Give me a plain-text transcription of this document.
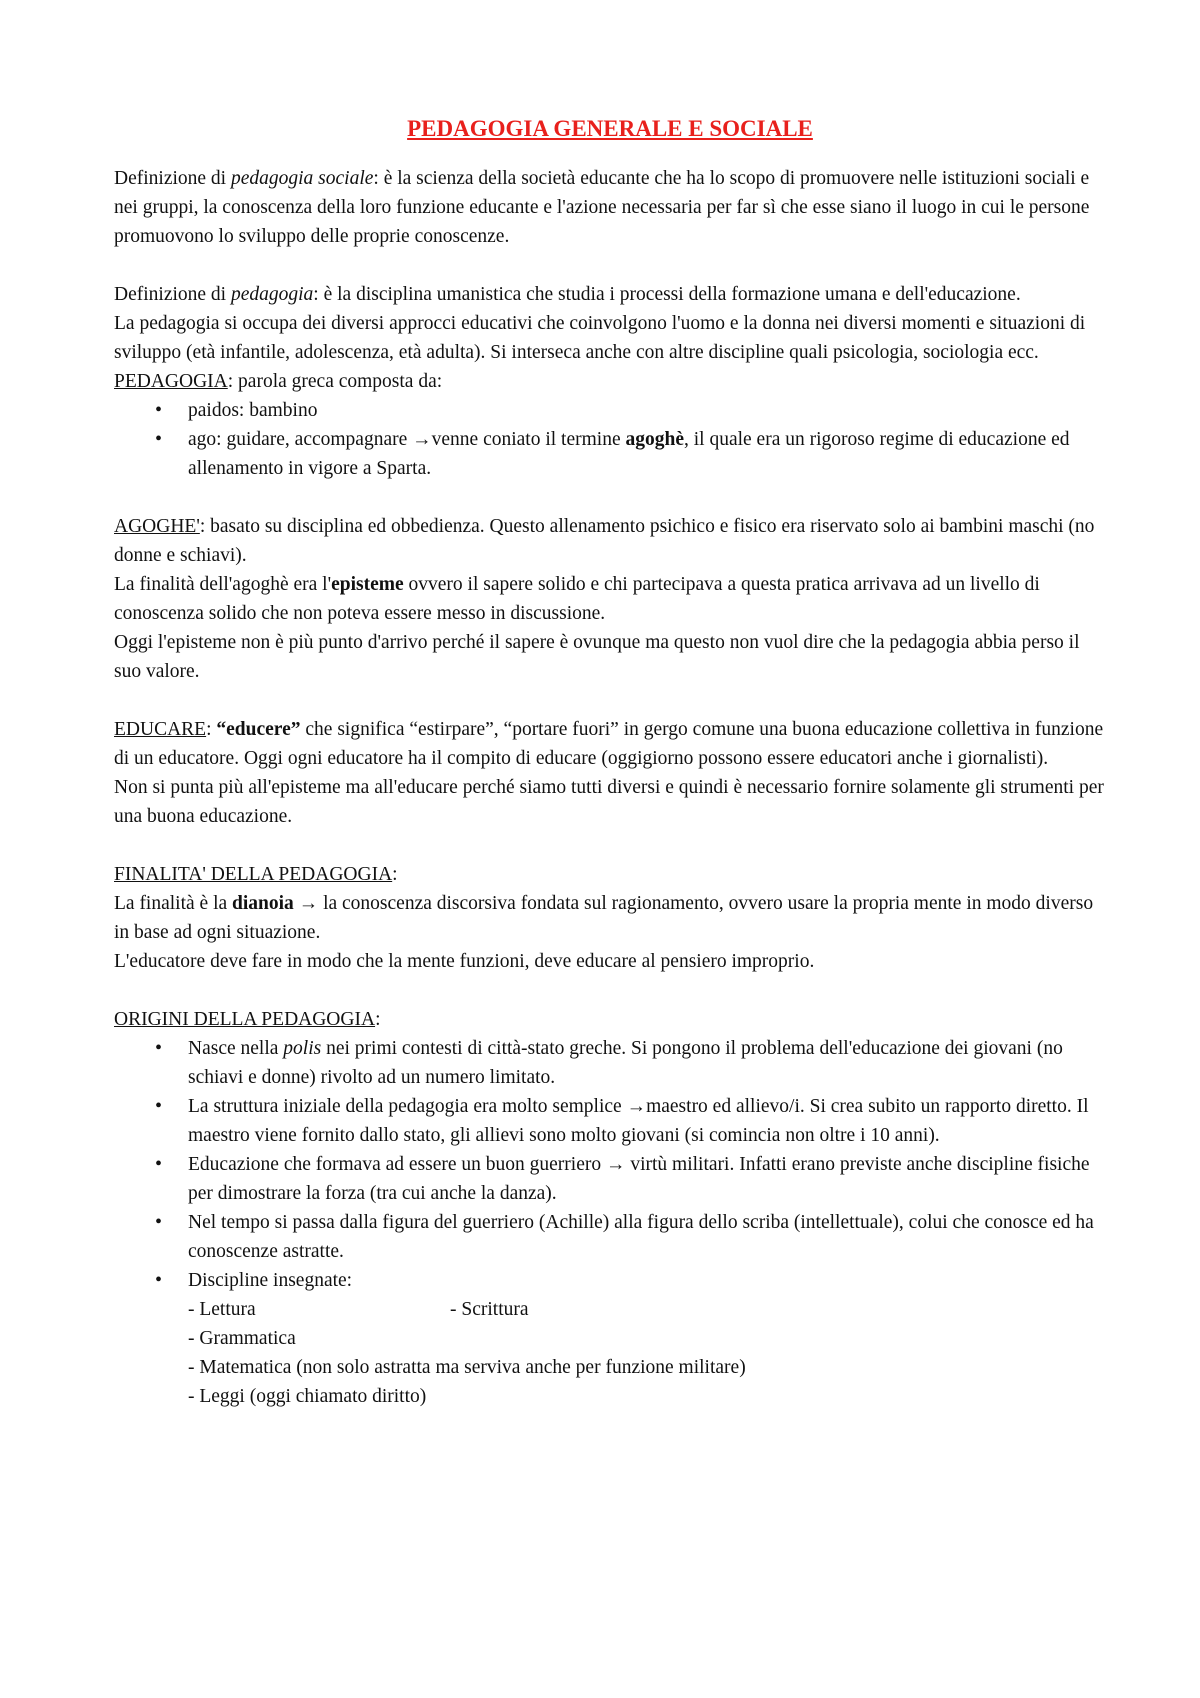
PEDAGOGIA GENERALE E SOCIALE

Definizione di pedagogia sociale: è la scienza della società educante che ha lo scopo di promuovere nelle istituzioni sociali e nei gruppi, la conoscenza della loro funzione educante e l'azione necessaria per far sì che esse siano il luogo in cui le persone promuovono lo sviluppo delle proprie conoscenze.

Definizione di pedagogia: è la disciplina umanistica che studia i processi della formazione umana e dell'educazione.

La pedagogia si occupa dei diversi approcci educativi che coinvolgono l'uomo e la donna nei diversi momenti e situazioni di sviluppo (età infantile, adolescenza, età adulta). Si interseca anche con altre discipline quali psicologia, sociologia ecc.

PEDAGOGIA: parola greca composta da:

• paidos: bambino
• ago: guidare, accompagnare →venne coniato il termine agoghè, il quale era un rigoroso regime di educazione ed allenamento in vigore a Sparta.

AGOGHE': basato su disciplina ed obbedienza. Questo allenamento psichico e fisico era riservato solo ai bambini maschi (no donne e schiavi).

La finalità dell'agoghè era l'episteme ovvero il sapere solido e chi partecipava a questa pratica arrivava ad un livello di conoscenza solido che non poteva essere messo in discussione.

Oggi l'episteme non è più punto d'arrivo perché il sapere è ovunque ma questo non vuol dire che la pedagogia abbia perso il suo valore.

EDUCARE: “educere” che significa “estirpare”, “portare fuori” in gergo comune una buona educazione collettiva in funzione di un educatore. Oggi ogni educatore ha il compito di educare (oggigiorno possono essere educatori anche i giornalisti).

Non si punta più all'episteme ma all'educare perché siamo tutti diversi e quindi è necessario fornire solamente gli strumenti per una buona educazione.

FINALITA' DELLA PEDAGOGIA:

La finalità è la dianoia → la conoscenza discorsiva fondata sul ragionamento, ovvero usare la propria mente in modo diverso in base ad ogni situazione.

L'educatore deve fare in modo che la mente funzioni, deve educare al pensiero improprio.

ORIGINI DELLA PEDAGOGIA:

• Nasce nella polis nei primi contesti di città-stato greche. Si pongono il problema dell'educazione dei giovani (no schiavi e donne) rivolto ad un numero limitato.
• La struttura iniziale della pedagogia era molto semplice →maestro ed allievo/i. Si crea subito un rapporto diretto. Il maestro viene fornito dallo stato, gli allievi sono molto giovani (si comincia non oltre i 10 anni).
• Educazione che formava ad essere un buon guerriero → virtù militari. Infatti erano previste anche discipline fisiche per dimostrare la forza (tra cui anche la danza).
• Nel tempo si passa dalla figura del guerriero (Achille) alla figura dello scriba (intellettuale), colui che conosce ed ha conoscenze astratte.
• Discipline insegnate:
- Lettura	- Scrittura
- Grammatica
- Matematica (non solo astratta ma serviva anche per funzione militare)
- Leggi (oggi chiamato diritto)
